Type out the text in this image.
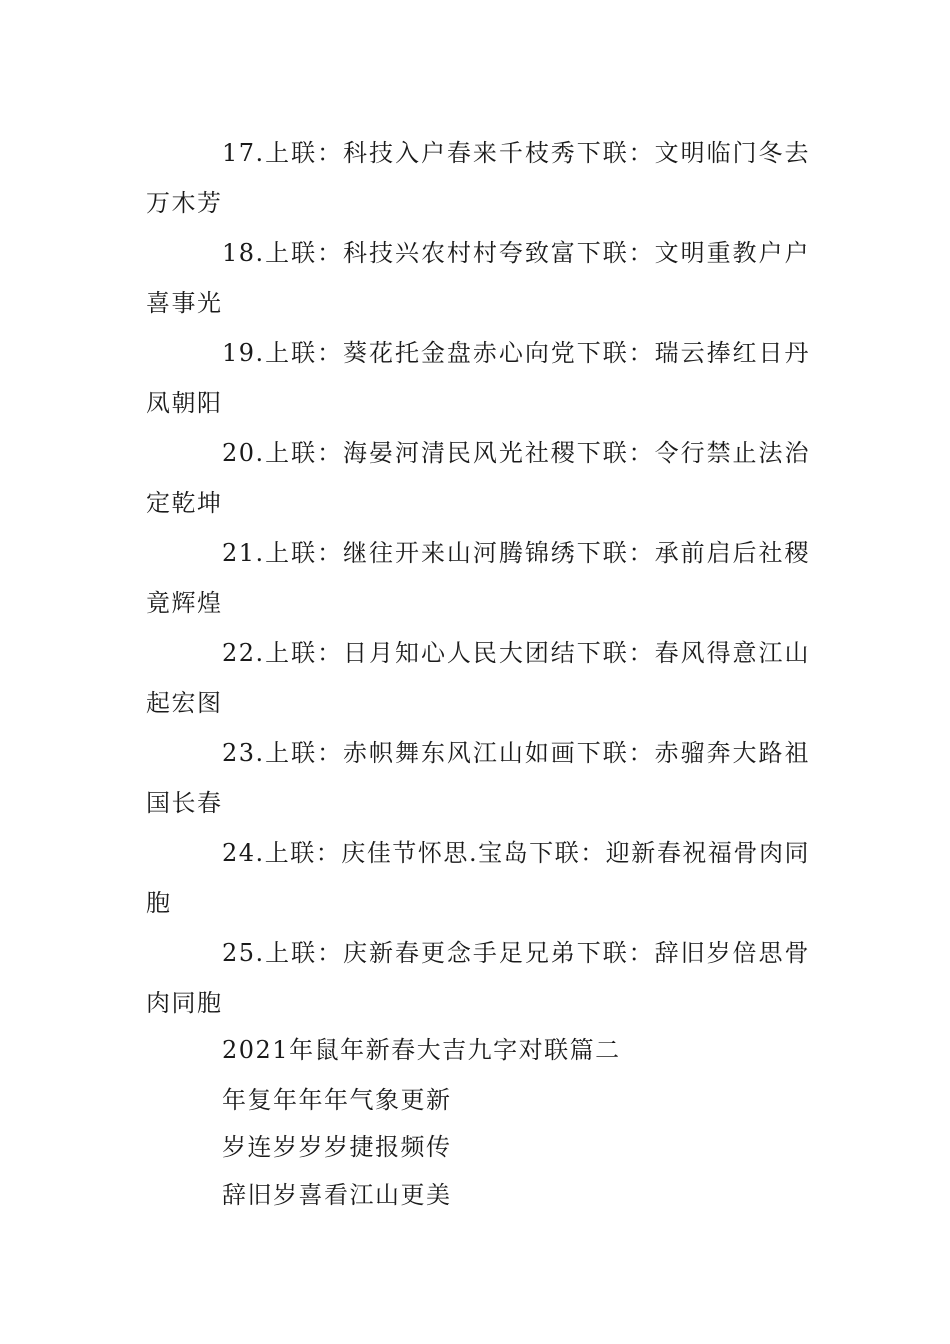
17.上联：科技入户春来千枝秀下联：文明临门冬去万木芳

18.上联：科技兴农村村夸致富下联：文明重教户户喜事光

19.上联：葵花托金盘赤心向党下联：瑞云捧红日丹凤朝阳

20.上联：海晏河清民风光社稷下联：令行禁止法治定乾坤

21.上联：继往开来山河腾锦绣下联：承前启后社稷竟辉煌

22.上联：日月知心人民大团结下联：春风得意江山起宏图

23.上联：赤帜舞东风江山如画下联：赤骝奔大路祖国长春

24.上联：庆佳节怀思.宝岛下联：迎新春祝福骨肉同胞

25.上联：庆新春更念手足兄弟下联：辞旧岁倍思骨肉同胞

2021年鼠年新春大吉九字对联篇二

年复年年年气象更新

岁连岁岁岁捷报频传

辞旧岁喜看江山更美
